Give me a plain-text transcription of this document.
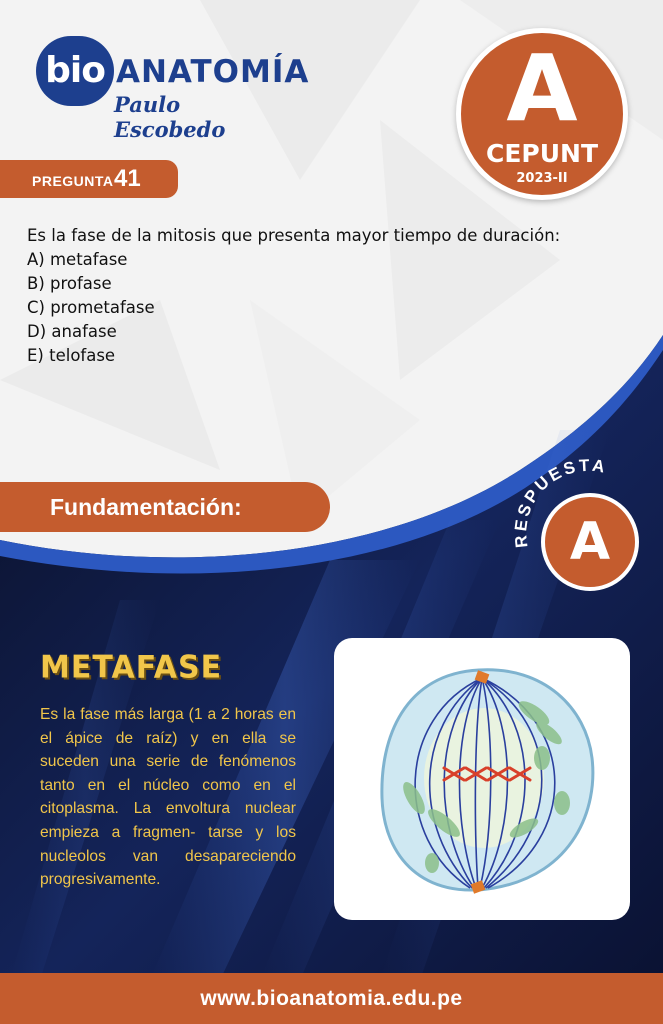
bio ANATOMÍA
Paulo Escobedo	A
CEPUNT
2023-II
PREGUNTA 41
Es la fase de la mitosis que presenta mayor tiempo de duración:
A) metafase
B) profase
C) prometafase
D) anafase
E) telofase
Fundamentación:
RESPUESTA
A
METAFASE
Es la fase más larga (1 a 2 horas en el ápice de raíz) y en ella se suceden una serie de fenómenos tanto en el núcleo como en el citoplasma. La envoltura nuclear empieza a fragmen- tarse y los nucleolos van desapareciendo progresivamente.
www.bioanatomia.edu.pe
